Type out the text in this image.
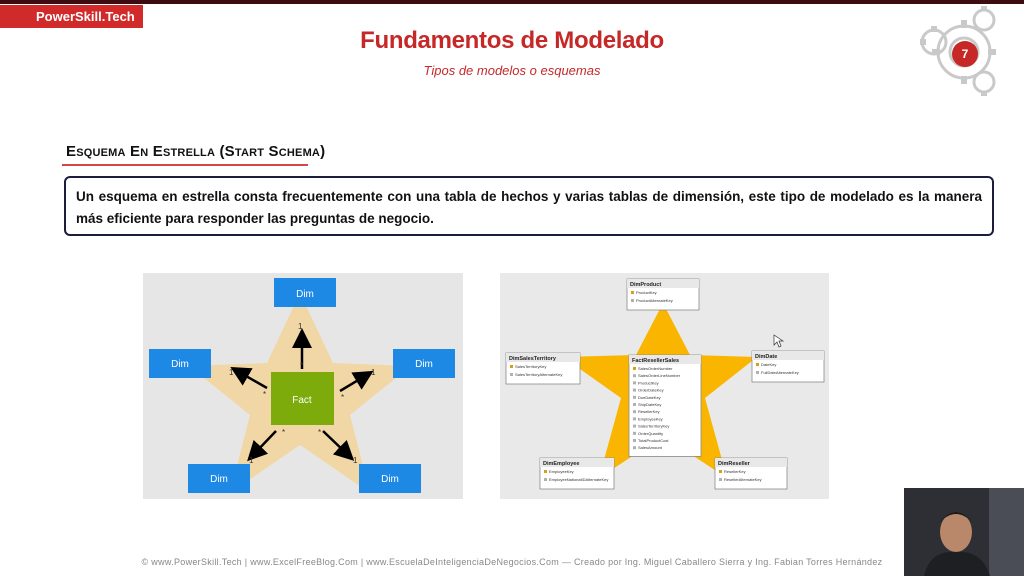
PowerSkill.Tech
Fundamentos de Modelado
Tipos de modelos o esquemas
7
Esquema En Estrella (Start Schema)
Un esquema en estrella consta frecuentemente con una tabla de hechos y varias tablas de dimensión, este tipo de modelado es la manera más eficiente para responder las preguntas de negocio.
Fact
Dim
Dim	Dim
Dim	Dim
1
*
1
*
1
*
1
*
1
*
DimProduct
ProductKey
ProductAlternateKey
DimSalesTerritory
SalesTerritoryKey
SalesTerritoryAlternateKey
FactResellerSales
SalesOrderNumber
SalesOrderLineNumber
ProductKey
OrderDateKey
DueDateKey
ShipDateKey
ResellerKey
EmployeeKey
SalesTerritoryKey
OrderQuantity
TotalProductCost
SalesAmount
DimDate
DateKey
FullDateAlternateKey
DimEmployee
EmployeeKey
EmployeeNationalIDAlternateKey
DimReseller
ResellerKey
ResellerAlternateKey
© www.PowerSkill.Tech | www.ExcelFreeBlog.Com | www.EscuelaDeInteligenciaDeNegocios.Com — Creado por Ing. Miguel Caballero Sierra y Ing. Fabian Torres Hernández
